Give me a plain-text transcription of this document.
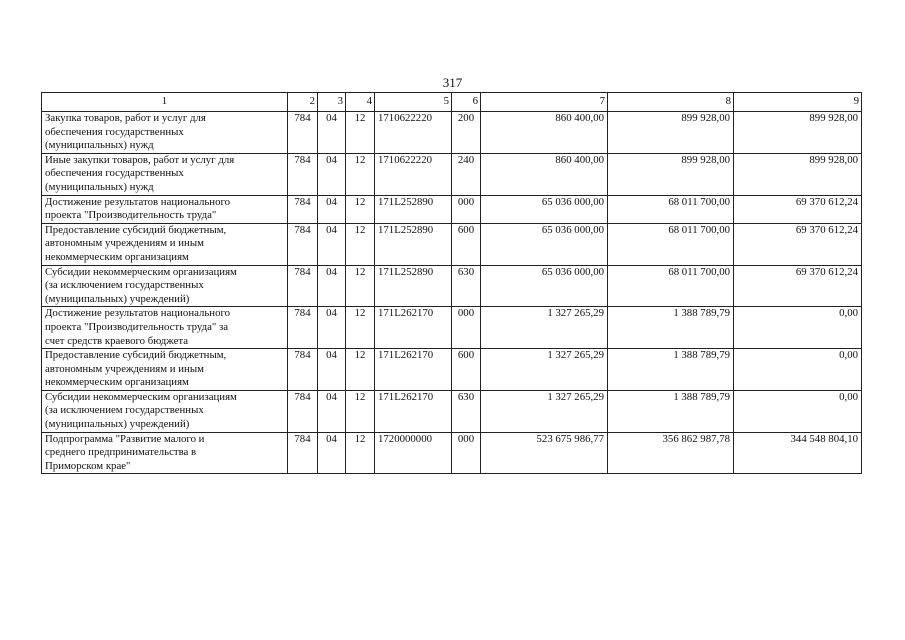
317
1	2	3	4	5	6	7	8	9

Закупка товаров, работ и услуг для
обеспечения государственных
(муниципальных) нужд	784	04	12	1710622220	200	860 400,00	899 928,00	899 928,00

Иные закупки товаров, работ и услуг для
обеспечения государственных
(муниципальных) нужд	784	04	12	1710622220	240	860 400,00	899 928,00	899 928,00

Достижение результатов национального
проекта "Производительность труда"	784	04	12	171L252890	000	65 036 000,00	68 011 700,00	69 370 612,24

Предоставление субсидий бюджетным,
автономным учреждениям и иным
некоммерческим организациям	784	04	12	171L252890	600	65 036 000,00	68 011 700,00	69 370 612,24

Субсидии некоммерческим организациям
(за исключением государственных
(муниципальных) учреждений)	784	04	12	171L252890	630	65 036 000,00	68 011 700,00	69 370 612,24

Достижение результатов национального
проекта "Производительность труда" за
счет средств краевого бюджета	784	04	12	171L262170	000	1 327 265,29	1 388 789,79	0,00

Предоставление субсидий бюджетным,
автономным учреждениям и иным
некоммерческим организациям	784	04	12	171L262170	600	1 327 265,29	1 388 789,79	0,00

Субсидии некоммерческим организациям
(за исключением государственных
(муниципальных) учреждений)	784	04	12	171L262170	630	1 327 265,29	1 388 789,79	0,00

Подпрограмма "Развитие малого и
среднего предпринимательства в
Приморском крае"	784	04	12	1720000000	000	523 675 986,77	356 862 987,78	344 548 804,10
